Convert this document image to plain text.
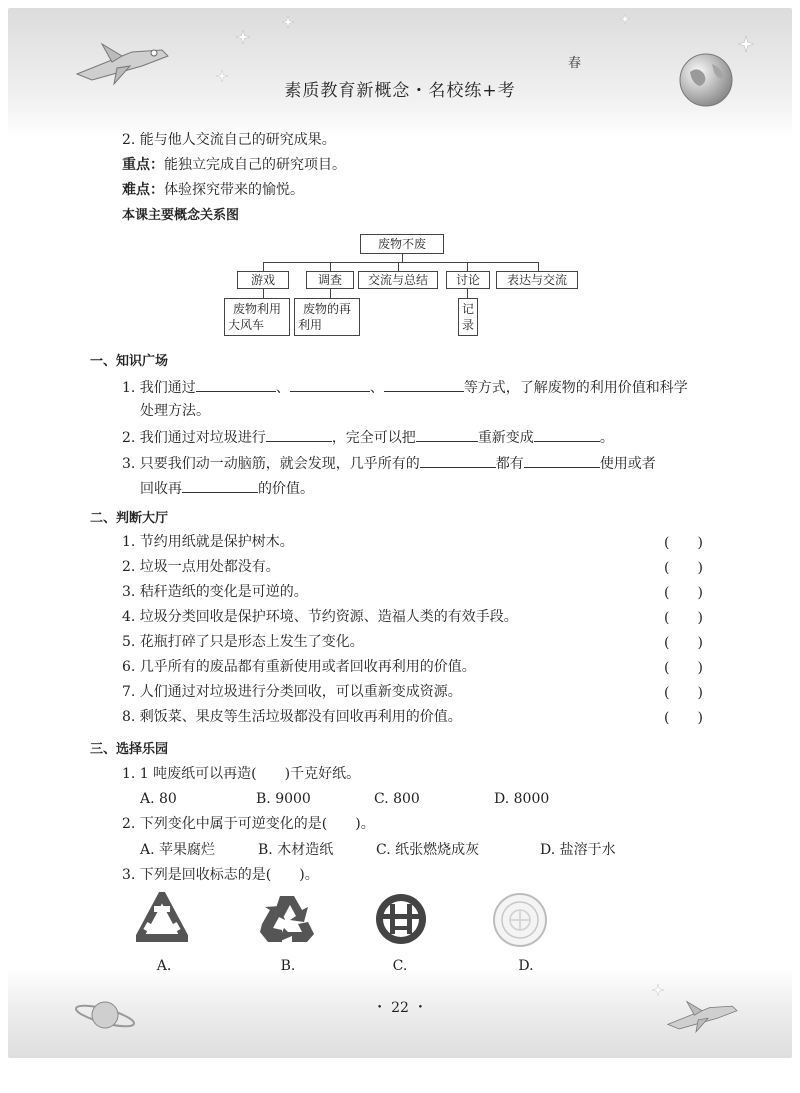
春
素质教育新概念・名校练+考
2. 能与他人交流自己的研究成果。
重点：能独立完成自己的研究项目。
难点：体验探究带来的愉悦。
本课主要概念关系图
废物不废
游戏	调查	交流与总结	讨论	表达与交流
废物利用
大风车
废物的再
利用
记
录
一、知识广场
1. 我们通过	、	、	等方式，了解废物的利用价值和科学
处理方法。
2. 我们通过对垃圾进行	，完全可以把	重新变成	。
3. 只要我们动一动脑筋，就会发现，几乎所有的	都有	使用或者
回收再	的价值。
二、判断大厅
1. 节约用纸就是保护树木。	(　　)
2. 垃圾一点用处都没有。	(　　)
3. 秸秆造纸的变化是可逆的。	(　　)
4. 垃圾分类回收是保护环境、节约资源、造福人类的有效手段。	(　　)
5. 花瓶打碎了只是形态上发生了变化。	(　　)
6. 几乎所有的废品都有重新使用或者回收再利用的价值。	(　　)
7. 人们通过对垃圾进行分类回收，可以重新变成资源。	(　　)
8. 剩饭菜、果皮等生活垃圾都没有回收再利用的价值。	(　　)
三、选择乐园
1. 1 吨废纸可以再造(　　)千克好纸。
A. 80	B. 9000	C. 800	D. 8000
2. 下列变化中属于可逆变化的是(　　)。
A. 苹果腐烂	B. 木材造纸	C. 纸张燃烧成灰	D. 盐溶于水
3. 下列是回收标志的是(　　)。
A.	B.	C.	D.
・ 22 ・
